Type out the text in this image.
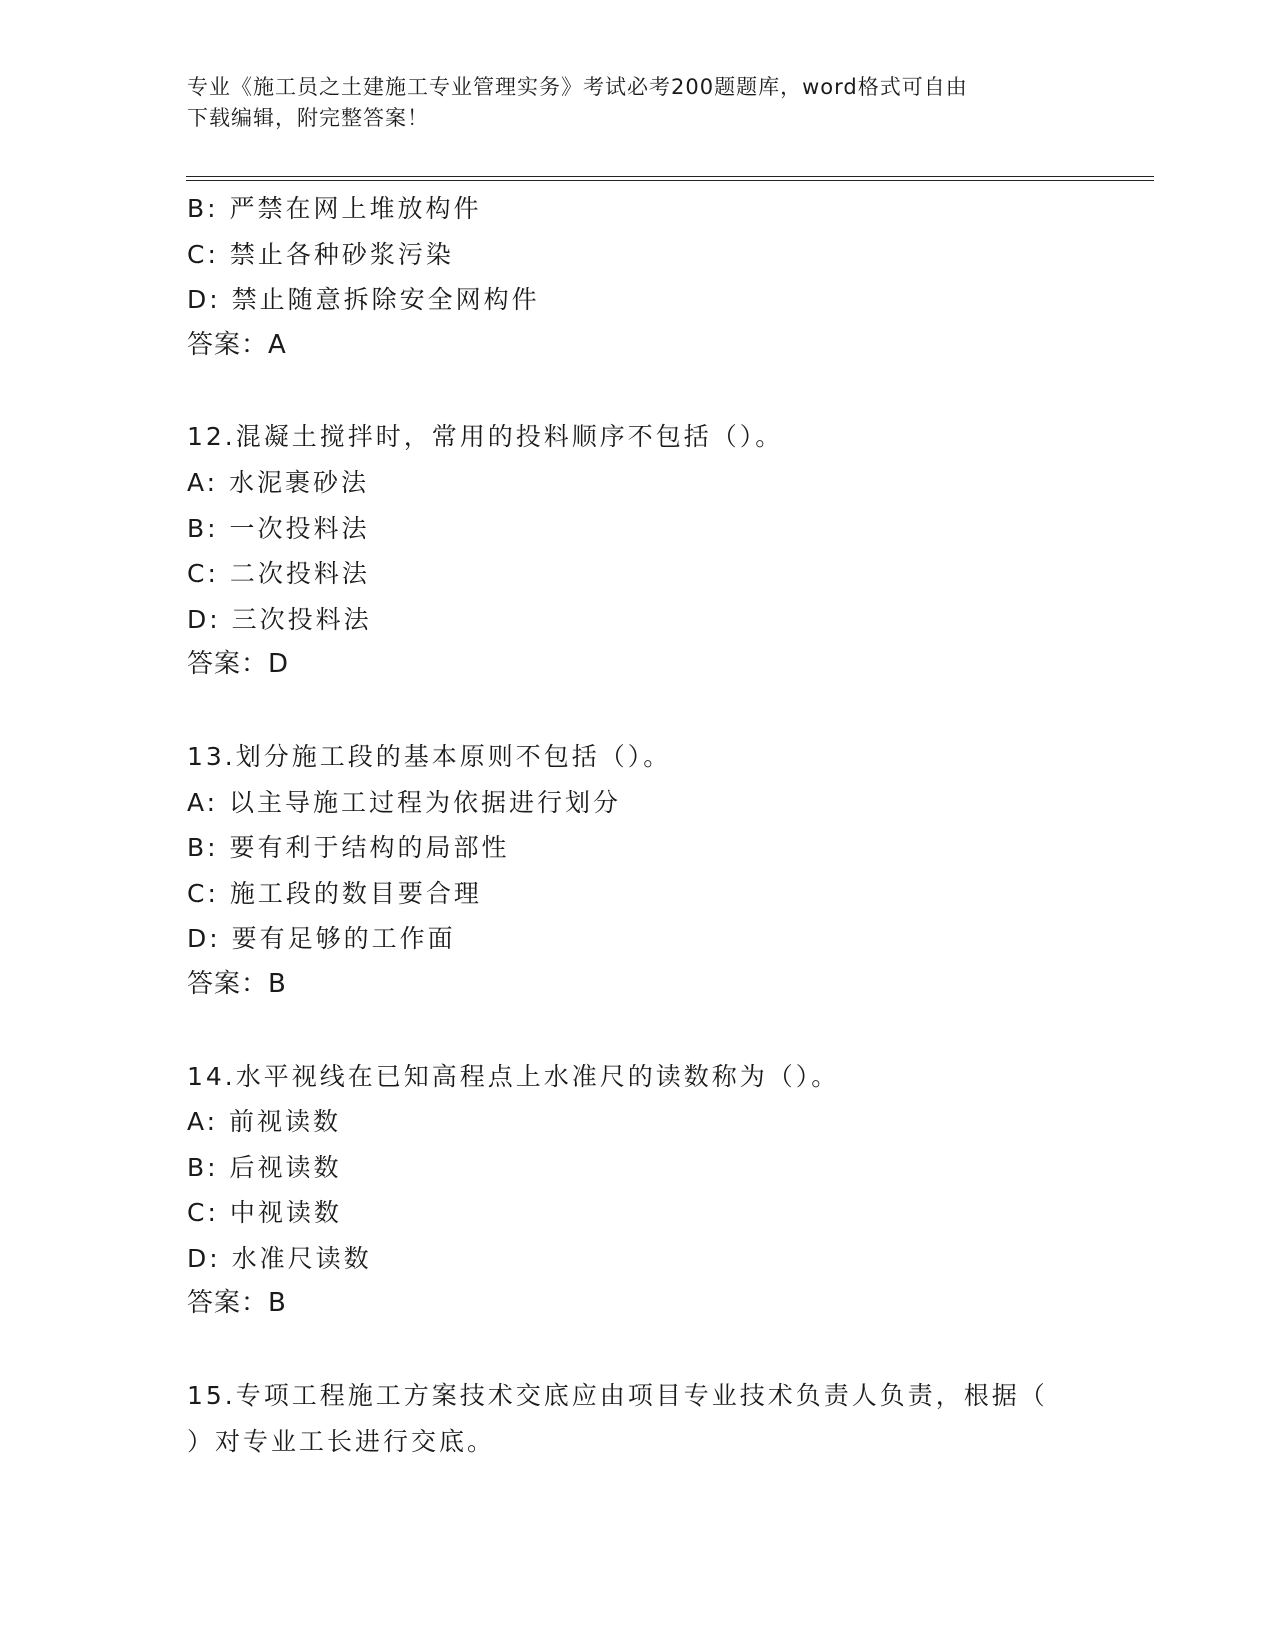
专业《施工员之土建施工专业管理实务》考试必考200题题库，word格式可自由
下载编辑，附完整答案！
B: 严禁在网上堆放构件
C: 禁止各种砂浆污染
D: 禁止随意拆除安全网构件
答案：A
12.混凝土搅拌时，常用的投料顺序不包括（）。
A: 水泥裹砂法
B: 一次投料法
C: 二次投料法
D: 三次投料法
答案：D
13.划分施工段的基本原则不包括（）。
A: 以主导施工过程为依据进行划分
B: 要有利于结构的局部性
C: 施工段的数目要合理
D: 要有足够的工作面
答案：B
14.水平视线在已知高程点上水准尺的读数称为（）。
A: 前视读数
B: 后视读数
C: 中视读数
D: 水准尺读数
答案：B
15.专项工程施工方案技术交底应由项目专业技术负责人负责，根据（
）对专业工长进行交底。
